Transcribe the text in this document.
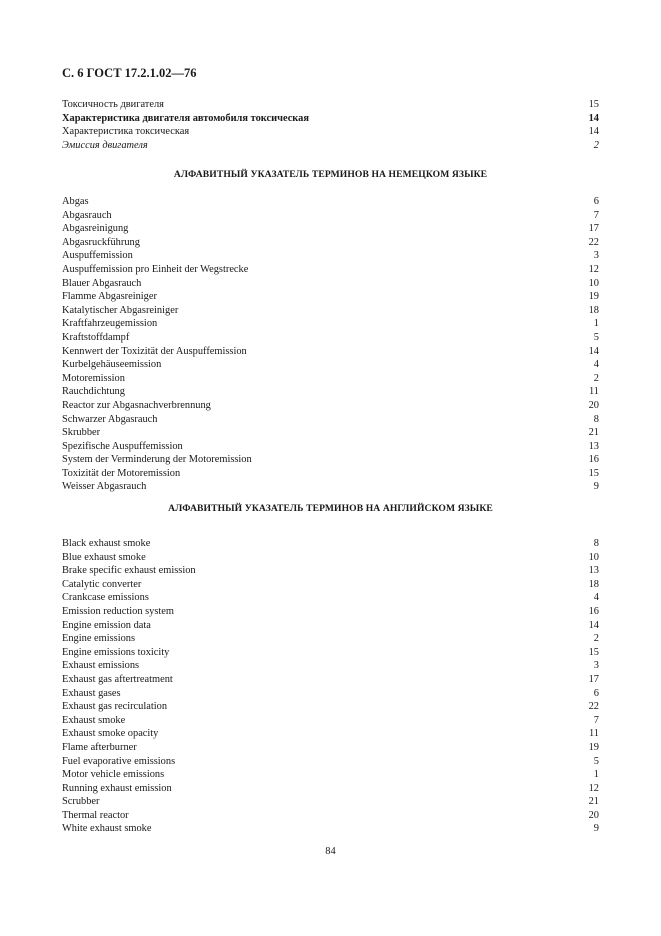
С. 6 ГОСТ 17.2.1.02—76
Токсичность двигателя	15
Характеристика двигателя автомобиля токсическая	14
Характеристика токсическая	14
Эмиссия двигателя	2
АЛФАВИТНЫЙ УКАЗАТЕЛЬ ТЕРМИНОВ НА НЕМЕЦКОМ ЯЗЫКЕ
Abgas	6
Abgasrauch	7
Abgasreinigung	17
Abgasruckführung	22
Auspuffemission	3
Auspuffemission pro Einheit der Wegstrecke	12
Blauer Abgasrauch	10
Flamme Abgasreiniger	19
Katalytischer Abgasreiniger	18
Kraftfahrzeugemission	1
Kraftstoffdampf	5
Kennwert der Toxizität der Auspuffemission	14
Kurbelgehäuseemission	4
Motoremission	2
Rauchdichtung	11
Reactor zur Abgasnachverbrennung	20
Schwarzer Abgasrauch	8
Skrubber	21
Spezifische Auspuffemission	13
System der Verminderung der Motoremission	16
Toxizität der Motoremission	15
Weisser Abgasrauch	9
АЛФАВИТНЫЙ УКАЗАТЕЛЬ ТЕРМИНОВ НА АНГЛИЙСКОМ ЯЗЫКЕ
Black exhaust smoke	8
Blue exhaust smoke	10
Brake specific exhaust emission	13
Catalytic converter	18
Crankcase emissions	4
Emission reduction system	16
Engine emission data	14
Engine emissions	2
Engine emissions toxicity	15
Exhaust emissions	3
Exhaust gas aftertreatment	17
Exhaust gases	6
Exhaust gas recirculation	22
Exhaust smoke	7
Exhaust smoke opacity	11
Flame afterburner	19
Fuel evaporative emissions	5
Motor vehicle emissions	1
Running exhaust emission	12
Scrubber	21
Thermal reactor	20
White exhaust smoke	9
84
